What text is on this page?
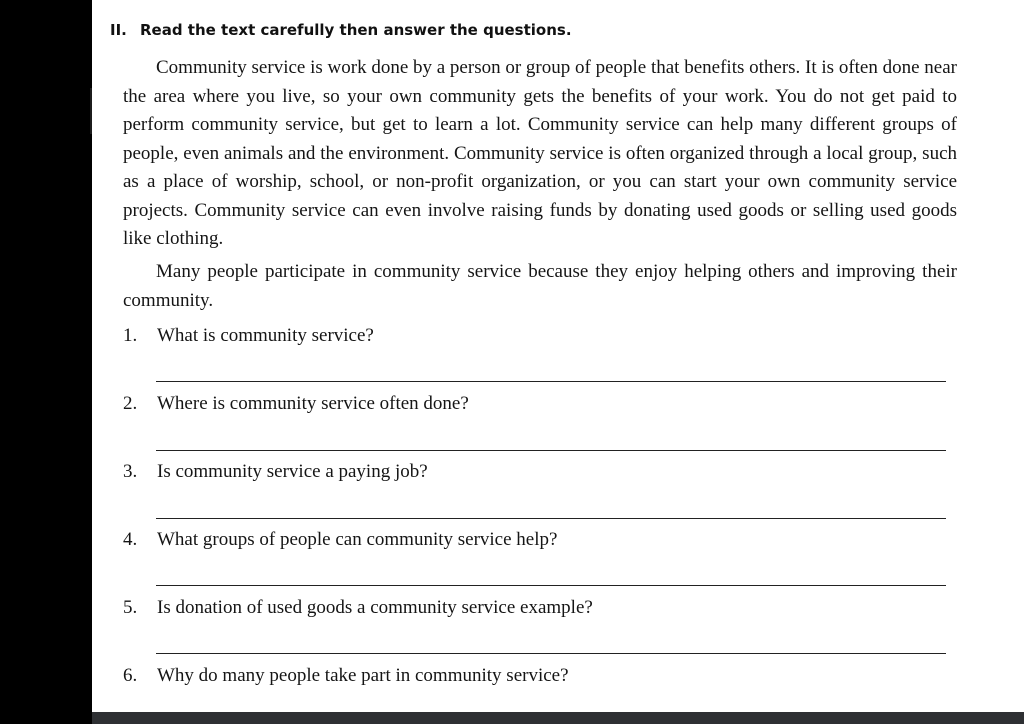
II. Read the text carefully then answer the questions.

Community service is work done by a person or group of people that benefits others. It is often done near the area where you live, so your own community gets the benefits of your work. You do not get paid to perform community service, but get to learn a lot. Community service can help many different groups of people, even animals and the environment. Community service is often organized through a local group, such as a place of worship, school, or non-profit organization, or you can start your own community service projects. Community service can even involve raising funds by donating used goods or selling used goods like clothing.

Many people participate in community service because they enjoy helping others and improving their community.

1. What is community service?
2. Where is community service often done?
3. Is community service a paying job?
4. What groups of people can community service help?
5. Is donation of used goods a community service example?
6. Why do many people take part in community service?
